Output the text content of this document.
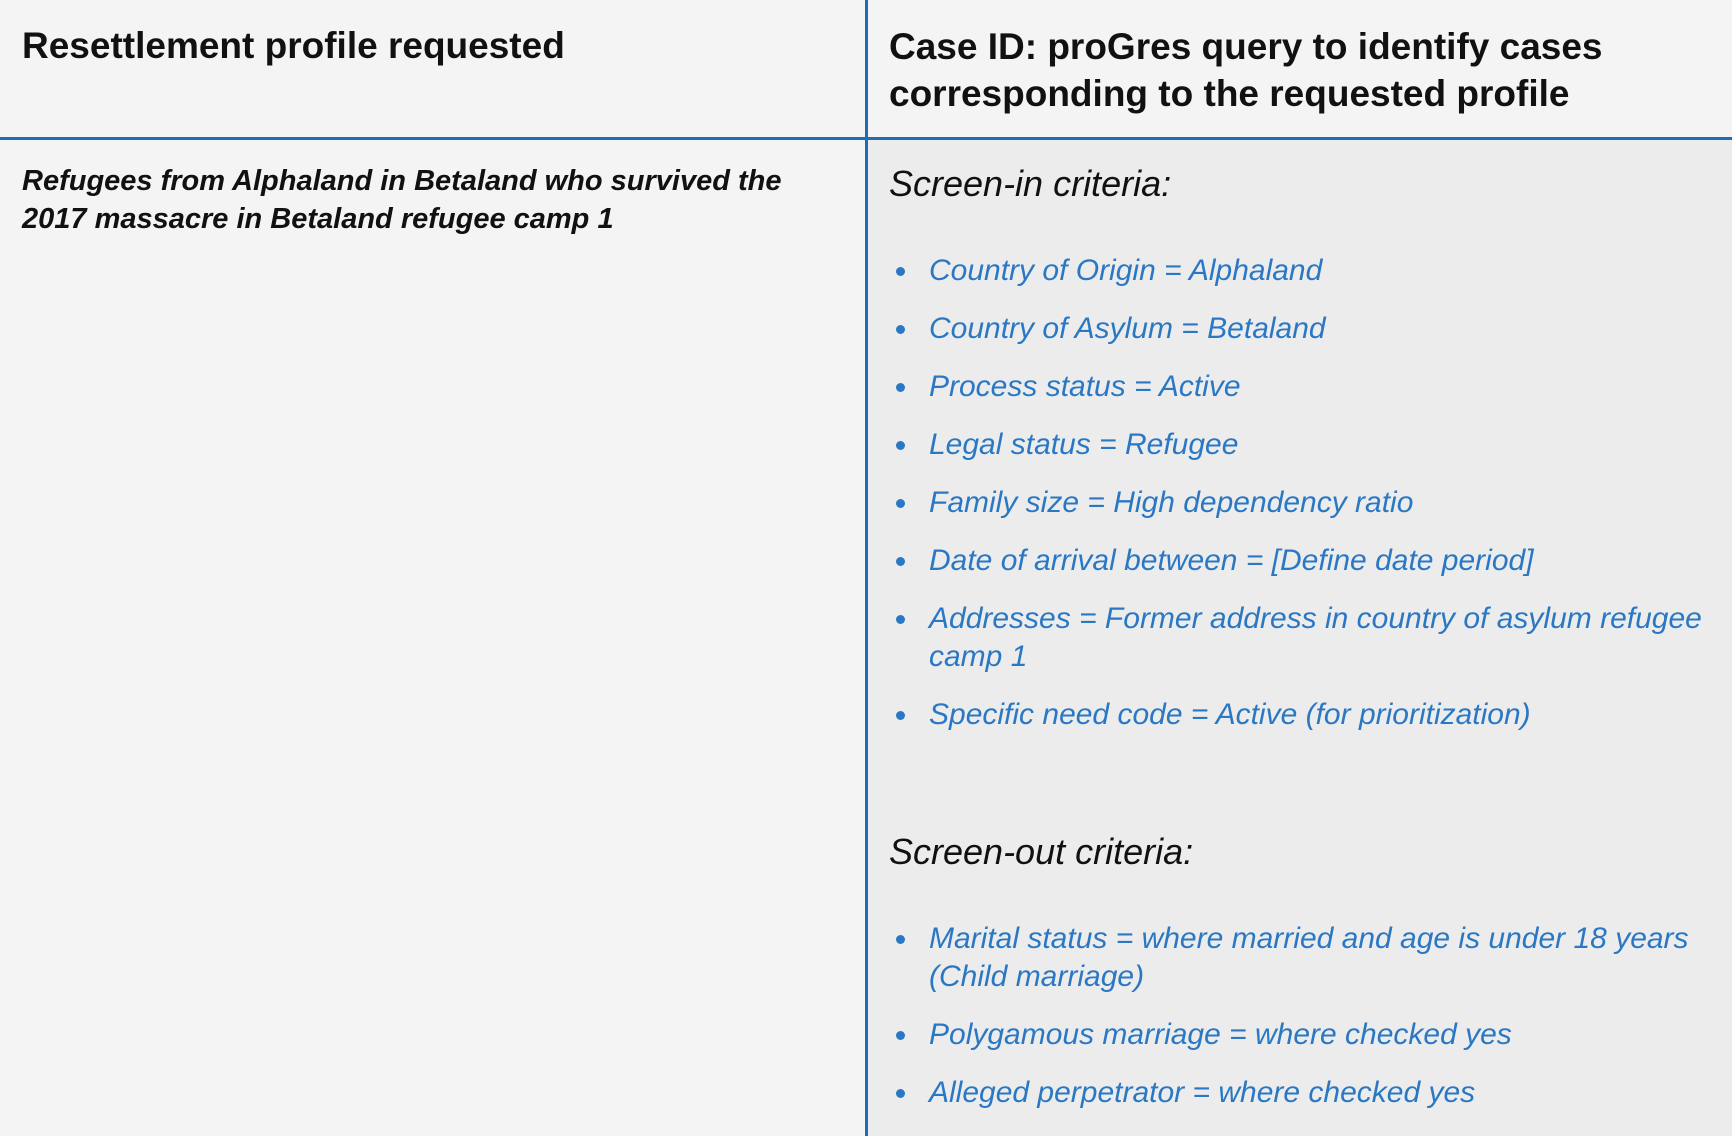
Resettlement profile requested	Case ID: proGres query to identify cases corresponding to the requested profile
Refugees from Alphaland in Betaland who survived the 2017 massacre in Betaland refugee camp 1
Screen-in criteria:
Country of Origin = Alphaland
Country of Asylum = Betaland
Process status = Active
Legal status = Refugee
Family size = High dependency ratio
Date of arrival between = [Define date period]
Addresses = Former address in country of asylum refugee camp 1
Specific need code = Active (for prioritization)
Screen-out criteria:
Marital status = where married and age is under 18 years (Child marriage)
Polygamous marriage = where checked yes
Alleged perpetrator = where checked yes
